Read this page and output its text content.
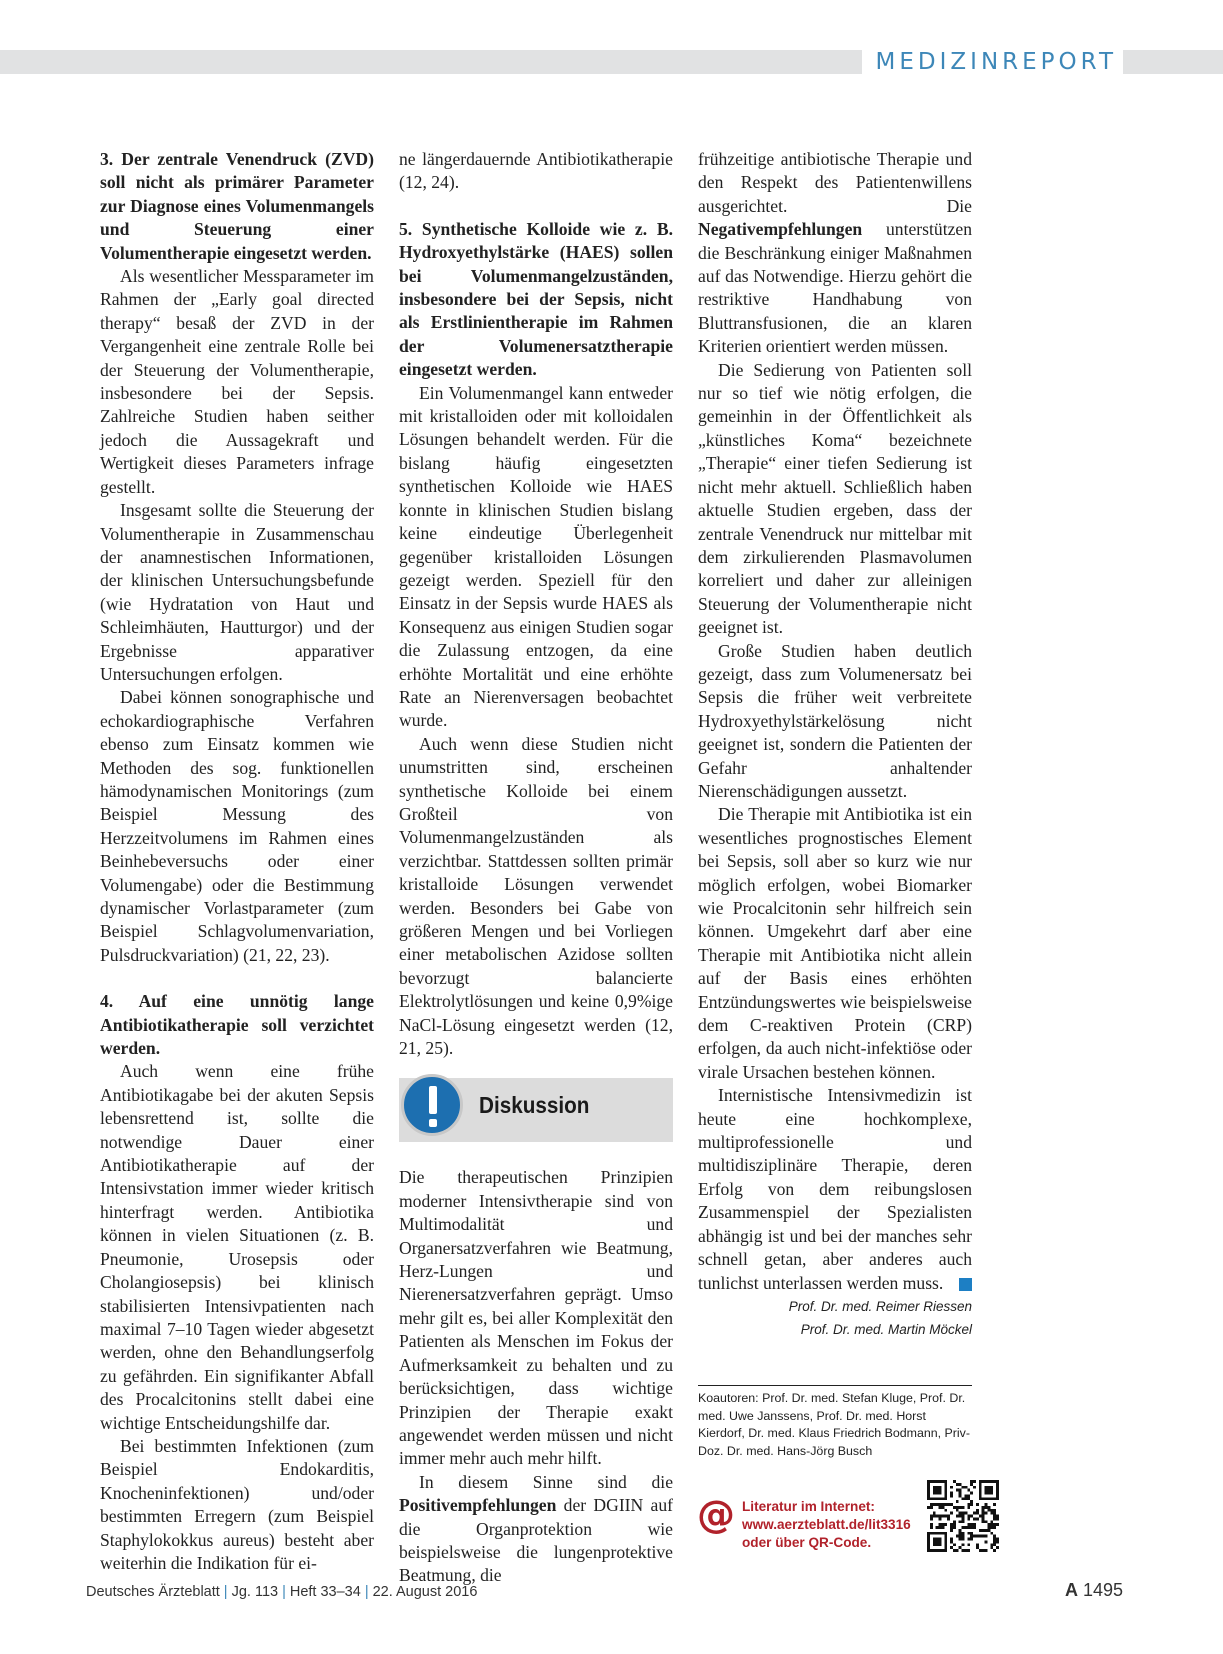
MEDIZINREPORT
3. Der zentrale Venendruck (ZVD) soll nicht als primärer Parameter zur Diagnose eines Volumenmangels und Steuerung einer Volumentherapie eingesetzt werden.

Als wesentlicher Messparameter im Rahmen der „Early goal directed therapy“ besaß der ZVD in der Vergangenheit eine zentrale Rolle bei der Steuerung der Volumentherapie, insbesondere bei der Sepsis. Zahlreiche Studien haben seither jedoch die Aussagekraft und Wertigkeit dieses Parameters infrage gestellt.

Insgesamt sollte die Steuerung der Volumentherapie in Zusammenschau der anamnestischen Informationen, der klinischen Untersuchungsbefunde (wie Hydratation von Haut und Schleimhäuten, Hautturgor) und der Ergebnisse apparativer Untersuchungen erfolgen.

Dabei können sonographische und echokardiographische Verfahren ebenso zum Einsatz kommen wie Methoden des sog. funktionellen hämodynamischen Monitorings (zum Beispiel Messung des Herzzeitvolumens im Rahmen eines Beinhebeversuchs oder einer Volumengabe) oder die Bestimmung dynamischer Vorlastparameter (zum Beispiel Schlagvolumenvariation, Pulsdruckvariation) (21, 22, 23).

4. Auf eine unnötig lange Antibiotikatherapie soll verzichtet werden.

Auch wenn eine frühe Antibiotikagabe bei der akuten Sepsis lebensrettend ist, sollte die notwendige Dauer einer Antibiotikatherapie auf der Intensivstation immer wieder kritisch hinterfragt werden. Antibiotika können in vielen Situationen (z. B. Pneumonie, Urosepsis oder Cholangiosepsis) bei klinisch stabilisierten Intensivpatienten nach maximal 7–10 Tagen wieder abgesetzt werden, ohne den Behandlungserfolg zu gefährden. Ein signifikanter Abfall des Procalcitonins stellt dabei eine wichtige Entscheidungshilfe dar.

Bei bestimmten Infektionen (zum Beispiel Endokarditis, Knocheninfektionen) und/oder bestimmten Erregern (zum Beispiel Staphylokokkus aureus) besteht aber weiterhin die Indikation für ei-

ne längerdauernde Antibiotikatherapie (12, 24).

5. Synthetische Kolloide wie z. B. Hydroxyethylstärke (HAES) sollen bei Volumenmangelzuständen, insbesondere bei der Sepsis, nicht als Erstlinientherapie im Rahmen der Volumenersatztherapie eingesetzt werden.

Ein Volumenmangel kann entweder mit kristalloiden oder mit kolloidalen Lösungen behandelt werden. Für die bislang häufig eingesetzten synthetischen Kolloide wie HAES konnte in klinischen Studien bislang keine eindeutige Überlegenheit gegenüber kristalloiden Lösungen gezeigt werden. Speziell für den Einsatz in der Sepsis wurde HAES als Konsequenz aus einigen Studien sogar die Zulassung entzogen, da eine erhöhte Mortalität und eine erhöhte Rate an Nierenversagen beobachtet wurde.

Auch wenn diese Studien nicht unumstritten sind, erscheinen synthetische Kolloide bei einem Großteil von Volumenmangelzuständen als verzichtbar. Stattdessen sollten primär kristalloide Lösungen verwendet werden. Besonders bei Gabe von größeren Mengen und bei Vorliegen einer metabolischen Azidose sollten bevorzugt balancierte Elektrolytlösungen und keine 0,9%ige NaCl-Lösung eingesetzt werden (12, 21, 25).

Diskussion

Die therapeutischen Prinzipien moderner Intensivtherapie sind von Multimodalität und Organersatzverfahren wie Beatmung, Herz-Lungen und Nierenersatzverfahren geprägt. Umso mehr gilt es, bei aller Komplexität den Patienten als Menschen im Fokus der Aufmerksamkeit zu behalten und zu berücksichtigen, dass wichtige Prinzipien der Therapie exakt angewendet werden müssen und nicht immer mehr auch mehr hilft.

In diesem Sinne sind die Positivempfehlungen der DGIIN auf die Organprotektion wie beispielsweise die lungenprotektive Beatmung, die

frühzeitige antibiotische Therapie und den Respekt des Patientenwillens ausgerichtet. Die Negativempfehlungen unterstützen die Beschränkung einiger Maßnahmen auf das Notwendige. Hierzu gehört die restriktive Handhabung von Bluttransfusionen, die an klaren Kriterien orientiert werden müssen.

Die Sedierung von Patienten soll nur so tief wie nötig erfolgen, die gemeinhin in der Öffentlichkeit als „künstliches Koma“ bezeichnete „Therapie“ einer tiefen Sedierung ist nicht mehr aktuell. Schließlich haben aktuelle Studien ergeben, dass der zentrale Venendruck nur mittelbar mit dem zirkulierenden Plasmavolumen korreliert und daher zur alleinigen Steuerung der Volumentherapie nicht geeignet ist.

Große Studien haben deutlich gezeigt, dass zum Volumenersatz bei Sepsis die früher weit verbreitete Hydroxyethylstärkelösung nicht geeignet ist, sondern die Patienten der Gefahr anhaltender Nierenschädigungen aussetzt.

Die Therapie mit Antibiotika ist ein wesentliches prognostisches Element bei Sepsis, soll aber so kurz wie nur möglich erfolgen, wobei Biomarker wie Procalcitonin sehr hilfreich sein können. Umgekehrt darf aber eine Therapie mit Antibiotika nicht allein auf der Basis eines erhöhten Entzündungswertes wie beispielsweise dem C-reaktiven Protein (CRP) erfolgen, da auch nicht-infektiöse oder virale Ursachen bestehen können.

Internistische Intensivmedizin ist heute eine hochkomplexe, multiprofessionelle und multidisziplinäre Therapie, deren Erfolg von dem reibungslosen Zusammenspiel der Spezialisten abhängig ist und bei der manches sehr schnell getan, aber anderes auch tunlichst unterlassen werden muss.

Prof. Dr. med. Reimer Riessen
Prof. Dr. med. Martin Möckel
Koautoren: Prof. Dr. med. Stefan Kluge, Prof. Dr. med. Uwe Janssens, Prof. Dr. med. Horst Kierdorf, Dr. med. Klaus Friedrich Bodmann, Priv-Doz. Dr. med. Hans-Jörg Busch
@ Literatur im Internet:
www.aerzteblatt.de/lit3316
oder über QR-Code.
Deutsches Ärzteblatt | Jg. 113 | Heft 33–34 | 22. August 2016	A 1495
